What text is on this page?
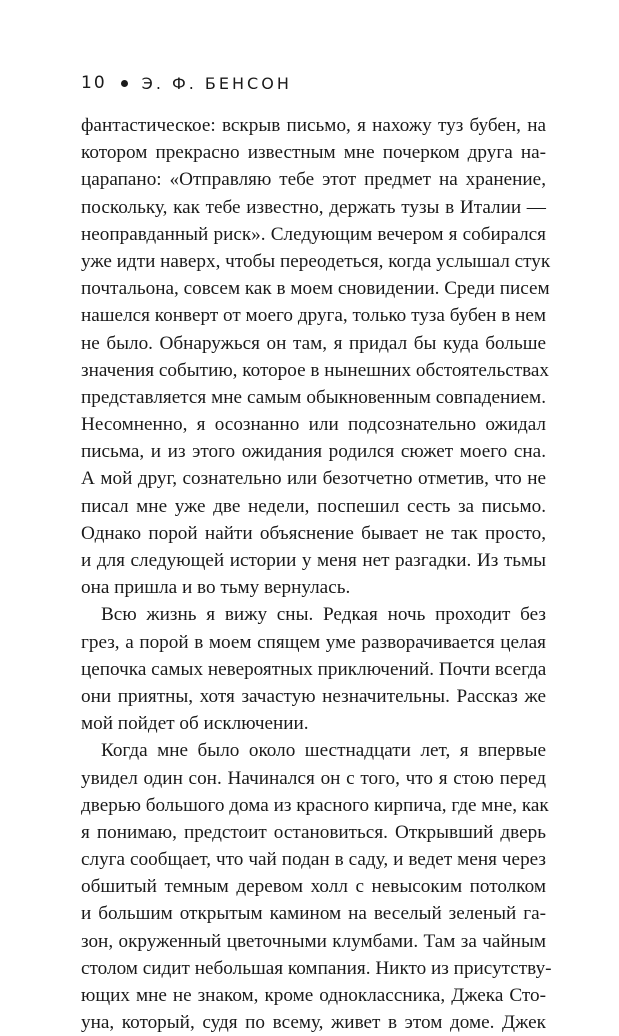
10 Э. Ф. БЕНСОН
фантастическое: вскрыв письмо, я нахожу туз бубен, на
котором прекрасно известным мне почерком друга на-
царапано: «Отправляю тебе этот предмет на хранение,
поскольку, как тебе известно, держать тузы в Италии —
неоправданный риск». Следующим вечером я собирался
уже идти наверх, чтобы переодеться, когда услышал стук
почтальона, совсем как в моем сновидении. Среди писем
нашелся конверт от моего друга, только туза бубен в нем
не было. Обнаружься он там, я придал бы куда больше
значения событию, которое в нынешних обстоятельствах
представляется мне самым обыкновенным совпадением.
Несомненно, я осознанно или подсознательно ожидал
письма, и из этого ожидания родился сюжет моего сна.
А мой друг, сознательно или безотчетно отметив, что не
писал мне уже две недели, поспешил сесть за письмо.
Однако порой найти объяснение бывает не так просто,
и для следующей истории у меня нет разгадки. Из тьмы
она пришла и во тьму вернулась.
Всю жизнь я вижу сны. Редкая ночь проходит без
грез, а порой в моем спящем уме разворачивается целая
цепочка самых невероятных приключений. Почти всегда
они приятны, хотя зачастую незначительны. Рассказ же
мой пойдет об исключении.
Когда мне было около шестнадцати лет, я впервые
увидел один сон. Начинался он с того, что я стою перед
дверью большого дома из красного кирпича, где мне, как
я понимаю, предстоит остановиться. Открывший дверь
слуга сообщает, что чай подан в саду, и ведет меня через
обшитый темным деревом холл с невысоким потолком
и большим открытым камином на веселый зеленый га-
зон, окруженный цветочными клумбами. Там за чайным
столом сидит небольшая компания. Никто из присутству-
ющих мне не знаком, кроме одноклассника, Джека Сто-
уна, который, судя по всему, живет в этом доме. Джек
